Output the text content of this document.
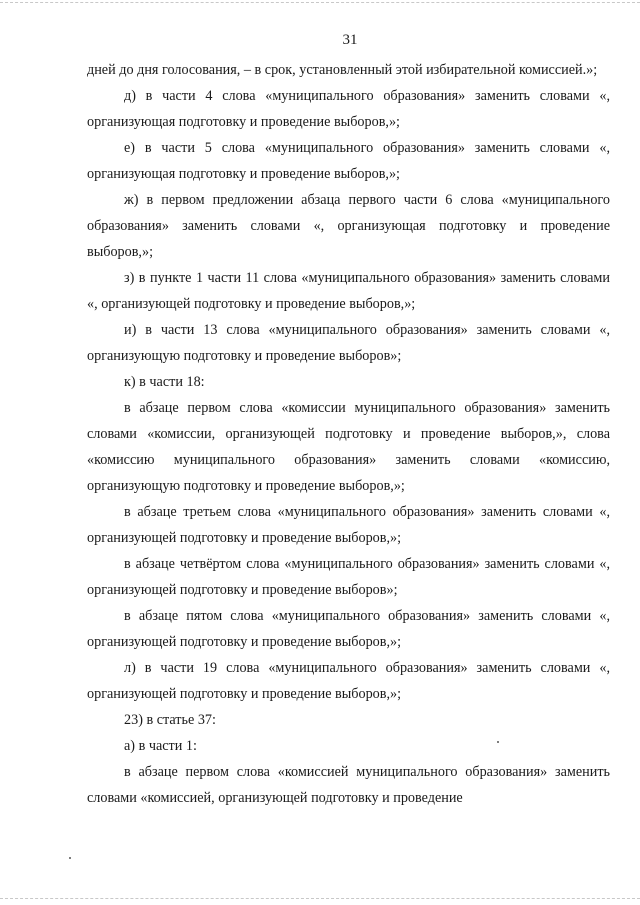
31

дней до дня голосования, – в срок, установленный этой избирательной комиссией.»;

д) в части 4 слова «муниципального образования» заменить словами «, организующая подготовку и проведение выборов,»;

е) в части 5 слова «муниципального образования» заменить словами «, организующая подготовку и проведение выборов,»;

ж) в первом предложении абзаца первого части 6 слова «муниципального образования» заменить словами «, организующая подготовку и проведение выборов,»;

з) в пункте 1 части 11 слова «муниципального образования» заменить словами «, организующей подготовку и проведение выборов,»;

и) в части 13 слова «муниципального образования» заменить словами «, организующую подготовку и проведение выборов»;

к) в части 18:

в абзаце первом слова «комиссии муниципального образования» заменить словами «комиссии, организующей подготовку и проведение выборов,», слова «комиссию муниципального образования» заменить словами «комиссию, организующую подготовку и проведение выборов,»;

в абзаце третьем слова «муниципального образования» заменить словами «, организующей подготовку и проведение выборов,»;

в абзаце четвёртом слова «муниципального образования» заменить словами «, организующей подготовку и проведение выборов»;

в абзаце пятом слова «муниципального образования» заменить словами «, организующей подготовку и проведение выборов,»;

л) в части 19 слова «муниципального образования» заменить словами «, организующей подготовку и проведение выборов,»;

23) в статье 37:

а) в части 1:

в абзаце первом слова «комиссией муниципального образования» заменить словами «комиссией, организующей подготовку и проведение
